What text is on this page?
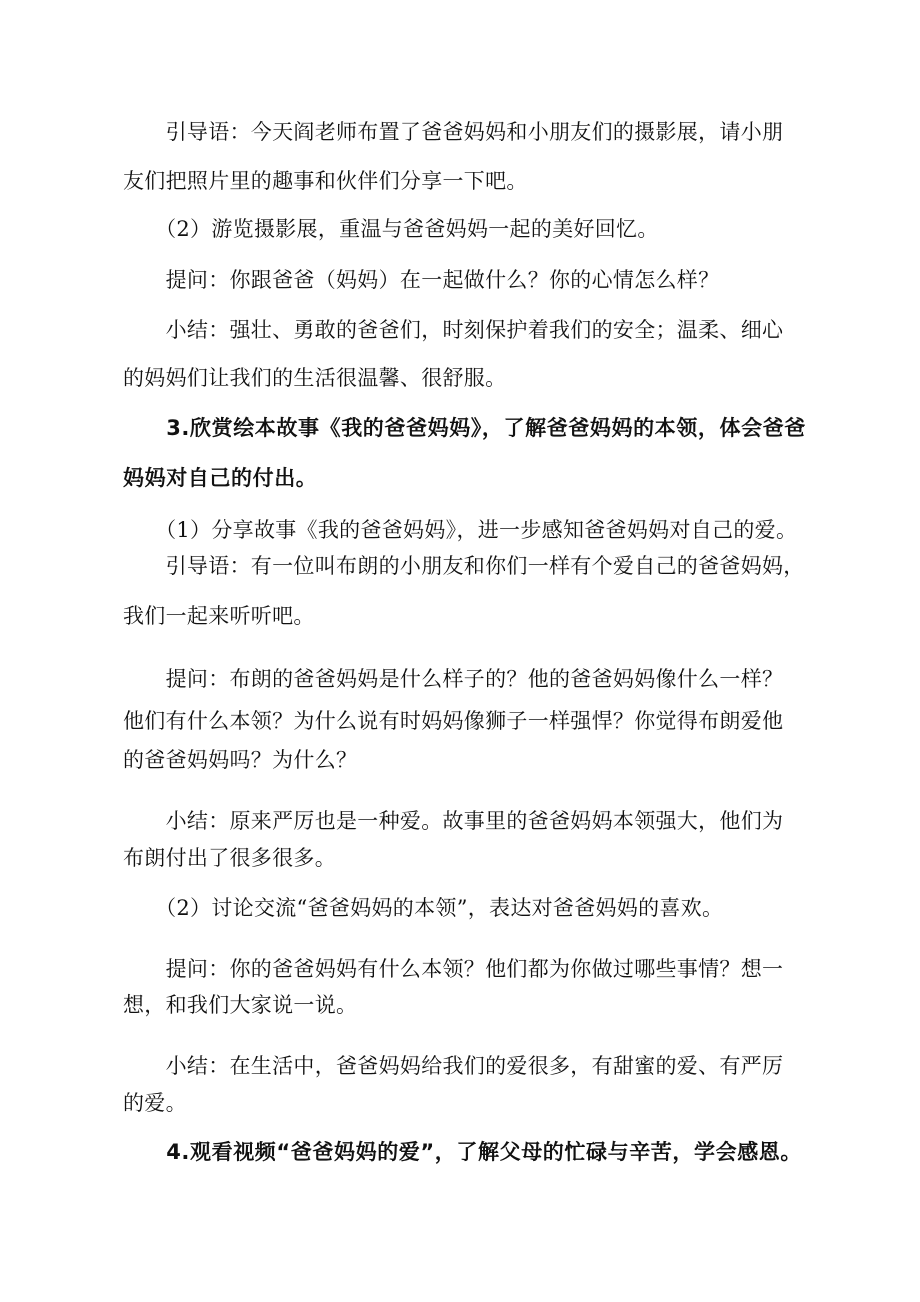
　　引导语：今天阎老师布置了爸爸妈妈和小朋友们的摄影展，请小朋
友们把照片里的趣事和伙伴们分享一下吧。
　　（2）游览摄影展，重温与爸爸妈妈一起的美好回忆。
　　提问：你跟爸爸（妈妈）在一起做什么？你的心情怎么样？
　　小结：强壮、勇敢的爸爸们，时刻保护着我们的安全；温柔、细心
的妈妈们让我们的生活很温馨、很舒服。
　　3.欣赏绘本故事《我的爸爸妈妈》，了解爸爸妈妈的本领，体会爸爸
妈妈对自己的付出。
　　（1）分享故事《我的爸爸妈妈》，进一步感知爸爸妈妈对自己的爱。
　　引导语：有一位叫布朗的小朋友和你们一样有个爱自己的爸爸妈妈，
我们一起来听听吧。
　　提问：布朗的爸爸妈妈是什么样子的？他的爸爸妈妈像什么一样？
他们有什么本领？为什么说有时妈妈像狮子一样强悍？你觉得布朗爱他
的爸爸妈妈吗？为什么？
　　小结：原来严厉也是一种爱。故事里的爸爸妈妈本领强大，他们为
布朗付出了很多很多。
　　（2）讨论交流“爸爸妈妈的本领”，表达对爸爸妈妈的喜欢。
　　提问：你的爸爸妈妈有什么本领？他们都为你做过哪些事情？想一
想，和我们大家说一说。
　　小结：在生活中，爸爸妈妈给我们的爱很多，有甜蜜的爱、有严厉
的爱。
　　4.观看视频“爸爸妈妈的爱”，了解父母的忙碌与辛苦，学会感恩。
